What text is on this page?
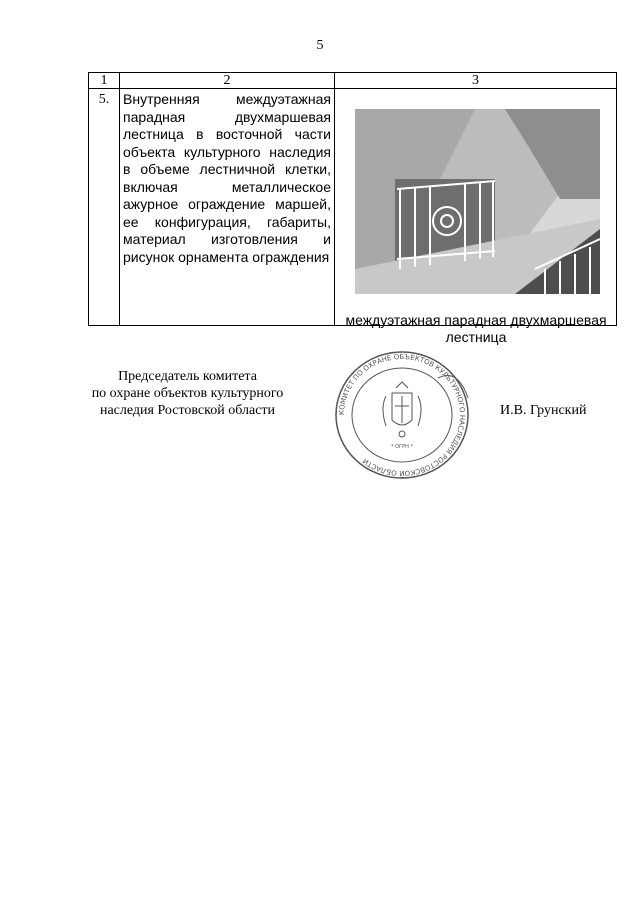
5
1	2	3
5.	Внутренняя междуэтажная парадная двухмаршевая лестница в восточной части объекта культурного наследия в объеме лестничной клетки, включая металлическое ажурное ограждение маршей, ее конфигурация, габариты, материал изготовления и рисунок орнамента ограждения	междуэтажная парадная двухмаршевая лестница
Председатель комитета
по охране объектов культурного
наследия Ростовской области	КОМИТЕТ ПО ОХРАНЕ ОБЪЕКТОВ КУЛЬТУРНОГО НАСЛЕДИЯ РОСТОВСКОЙ ОБЛАСТИ
* ОГРН *
И.В. Грунский
